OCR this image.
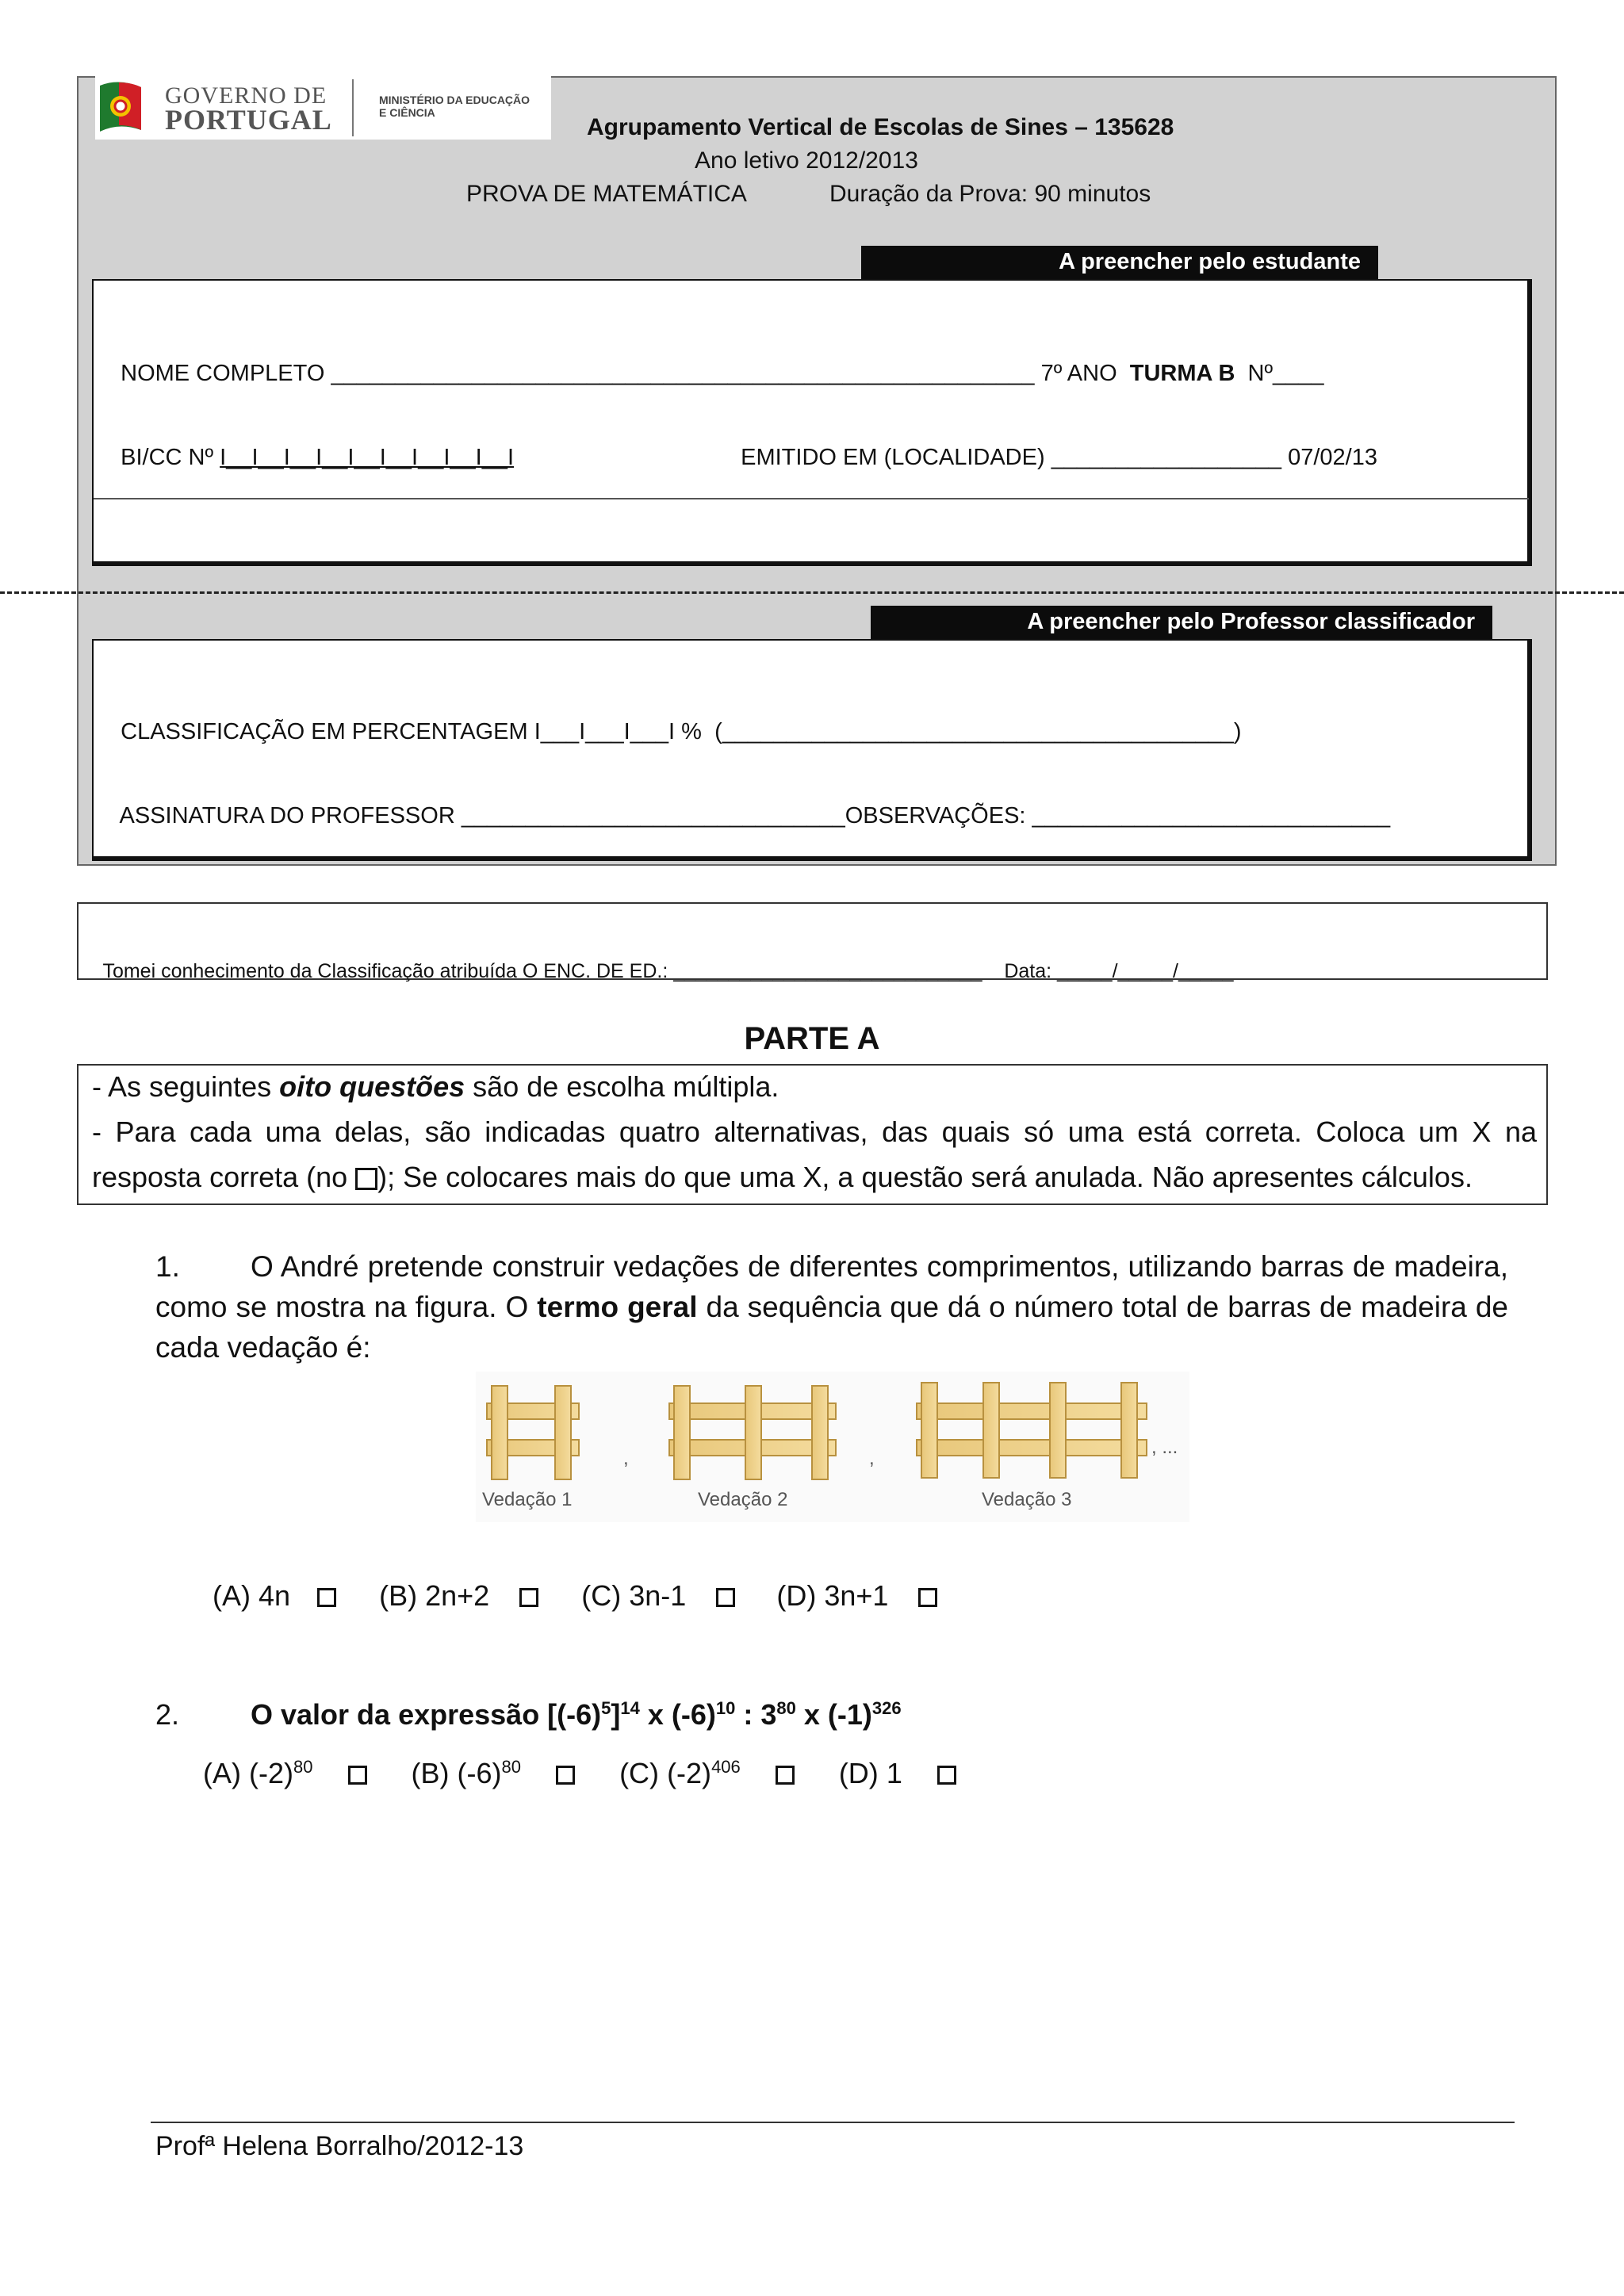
GOVERNO DE
PORTUGAL
MINISTÉRIO DA EDUCAÇÃO
E CIÊNCIA
Agrupamento Vertical de Escolas de Sines – 135628
Ano letivo 2012/2013
PROVA DE MATEMÁTICA	Duração da Prova: 90 minutos
A preencher pelo estudante

NOME COMPLETO _______________________________________________________ 7º ANO TURMA B Nº____

BI/CC Nº I__I__I__I__I__I__I__I__I__I	EMITIDO EM (LOCALIDADE) __________________ 07/02/13

A preencher pelo Professor classificador

CLASSIFICAÇÃO EM PERCENTAGEM I___I___I___I % (________________________________________)

ASSINATURA DO PROFESSOR ______________________________OBSERVAÇÕES: ____________________________

Tomei conhecimento da Classificação atribuída O ENC. DE ED.: ____________________________ Data: _____/_____/_____

PARTE A
- As seguintes oito questões são de escolha múltipla.
- Para cada uma delas, são indicadas quatro alternativas, das quais só uma está correta. Coloca um X na resposta correta (no ); Se colocares mais do que uma X, a questão será anulada. Não apresentes cálculos.
1.	O André pretende construir vedações de diferentes comprimentos, utilizando barras de madeira, como se mostra na figura. O termo geral da sequência que dá o número total de barras de madeira de cada vedação é:
,	,
, ...
Vedação 1	Vedação 2	Vedação 3
(A) 4n	(B) 2n+2	(C) 3n-1	(D) 3n+1
2. O valor da expressão $[(-6)^5]^{14}$ x $(-6)^{10}$ : $3^{80}$ x $(-1)^{326}$
(A) $(-2)^{80}$	(B) $(-6)^{80}$	(C) $(-2)^{406}$	(D) 1
Profª Helena Borralho/2012-13
